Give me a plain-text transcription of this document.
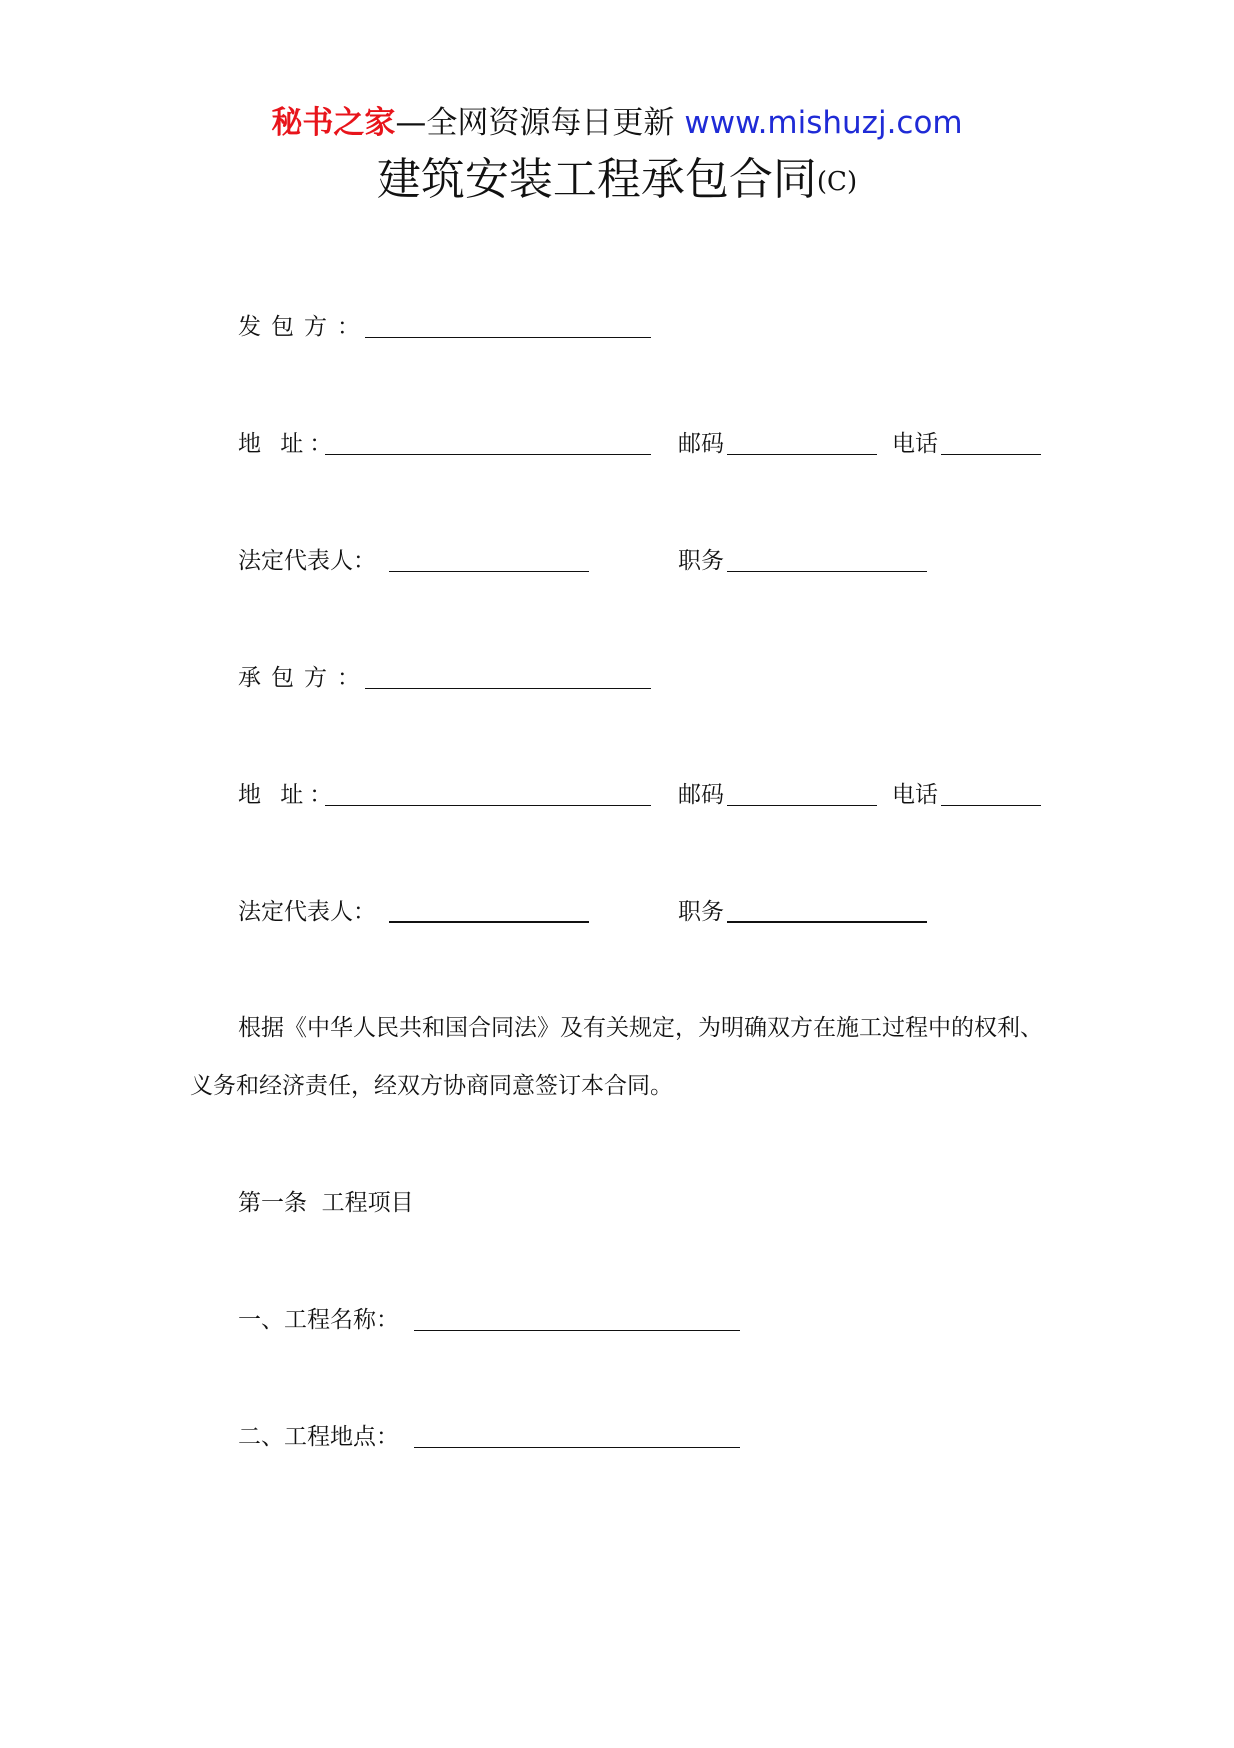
秘书之家—全网资源每日更新 www.mishuzj.com
建筑安装工程承包合同(C)
发包方：
地 址：	邮码	电话
法定代表人：	职务
承包方：
地 址：	邮码	电话
法定代表人：	职务
根据《中华人民共和国合同法》及有关规定，为明确双方在施工过程中的权利、义务和经济责任，经双方协商同意签订本合同。
第一条  工程项目
一、工程名称：
二、工程地点：
